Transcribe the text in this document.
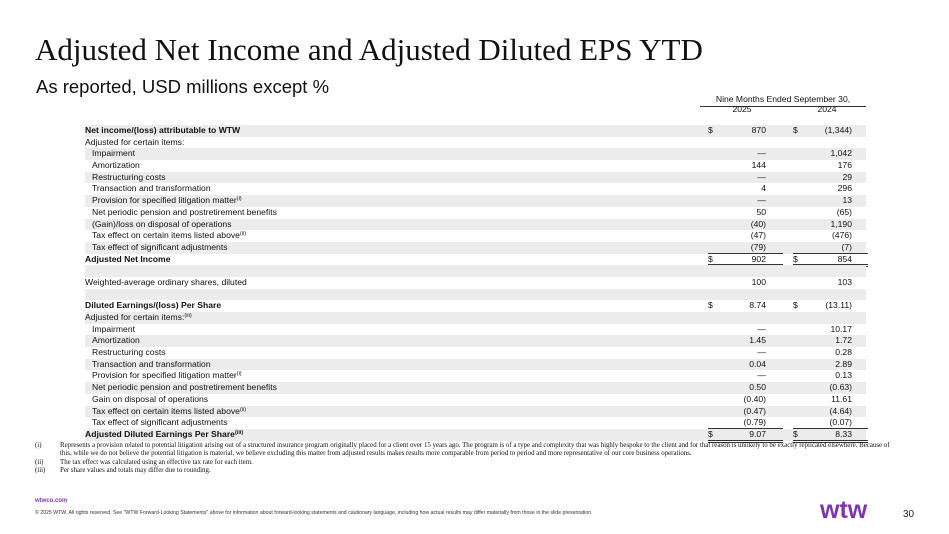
Adjusted Net Income and Adjusted Diluted EPS YTD
As reported, USD millions except %
Nine Months Ended September 30,
2025	2024
Net income/(loss) attributable to WTW	$	870	$	(1,344)
Adjusted for certain items:
Impairment	—	1,042
Amortization	144	176
Restructuring costs	—	29
Transaction and transformation	4	296
Provision for specified litigation matter$^{(i)}$	—	13
Net periodic pension and postretirement benefits	50	(65)
(Gain)/loss on disposal of operations	(40)	1,190
Tax effect on certain items listed above$^{(ii)}$	(47)	(476)
Tax effect of significant adjustments	(79)	(7)
Adjusted Net Income	$	902	$	854
Weighted-average ordinary shares, diluted	100	103
Diluted Earnings/(loss) Per Share	$	8.74	$	(13.11)
Adjusted for certain items:$^{(iii)}$
Impairment	—	10.17
Amortization	1.45	1.72
Restructuring costs	—	0.28
Transaction and transformation	0.04	2.89
Provision for specified litigation matter$^{(i)}$	—	0.13
Net periodic pension and postretirement benefits	0.50	(0.63)
Gain on disposal of operations	(0.40)	11.61
Tax effect on certain items listed above$^{(ii)}$	(0.47)	(4.64)
Tax effect of significant adjustments	(0.79)	(0.07)
Adjusted Diluted Earnings Per Share$^{(iii)}$	$	9.07	$	8.33
(i)	Represents a provision related to potential litigation arising out of a structured insurance program originally placed for a client over 15 years ago. The program is of a type and complexity that was highly bespoke to the client and for that reason is unlikely to be exactly replicated elsewhere. Because of this, while we do not believe the potential litigation is material, we believe excluding this matter from adjusted results makes results more comparable from period to period and more representative of our core business operations.
(ii) The tax effect was calculated using an effective tax rate for each item.
(iii) Per share values and totals may differ due to rounding.
wtwco.com
© 2025 WTW. All rights reserved. See "WTW Forward-Looking Statements" above for information about forward-looking statements and cautionary language, including how actual results may differ materially from those in the slide presentation.	wtw	30
